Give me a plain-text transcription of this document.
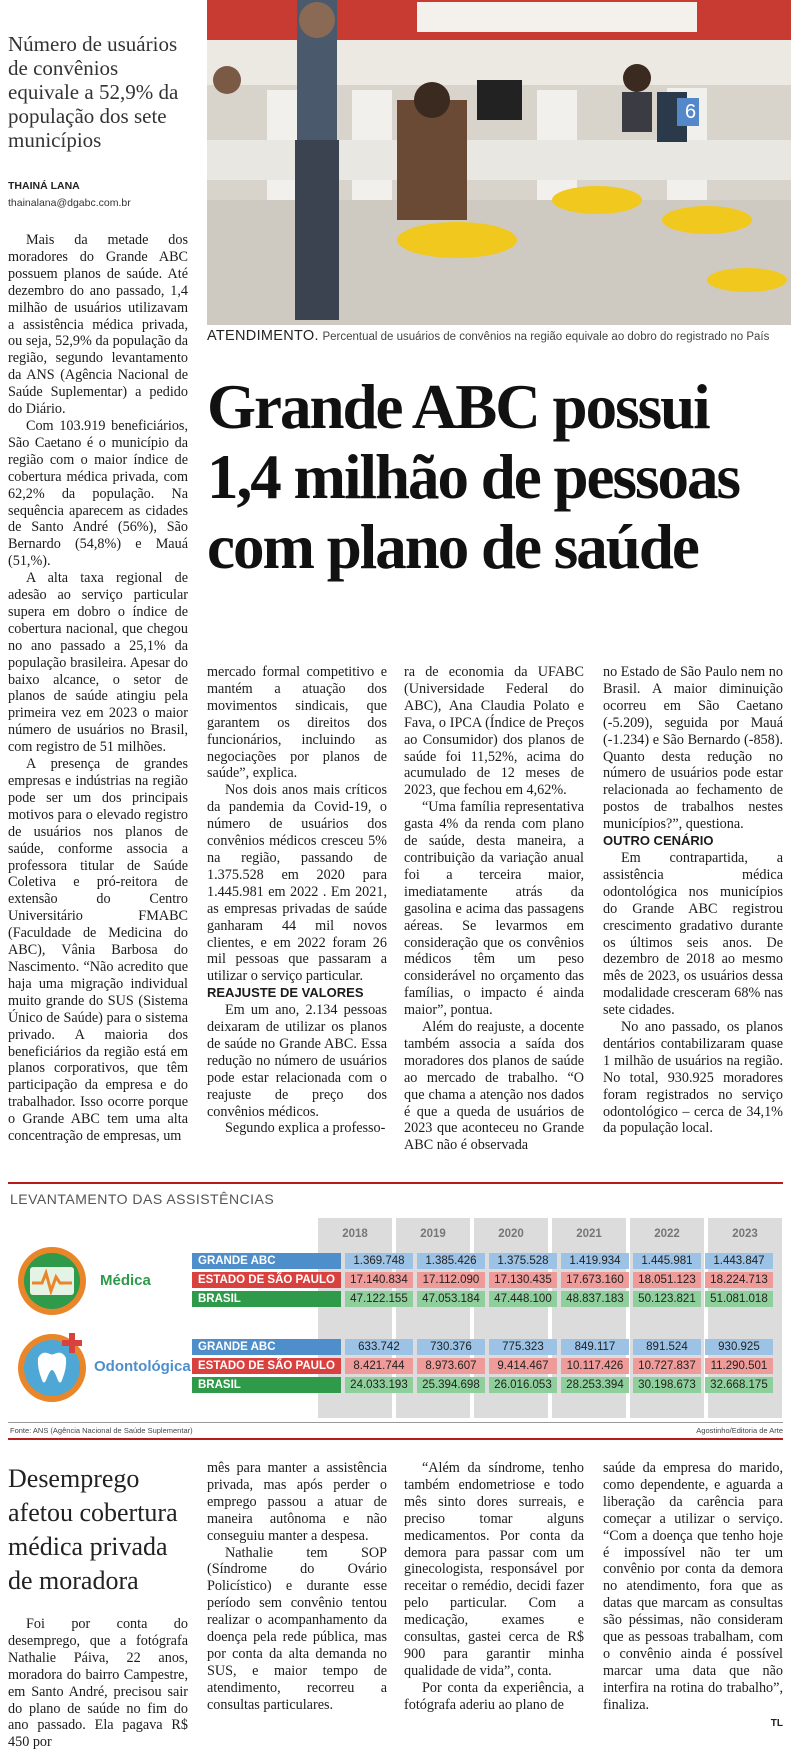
Número de usuários de convênios equivale a 52,9% da população dos sete municípios
THAINÁ LANA
thainalana@dgabc.com.br
6
ATENDIMENTO. Percentual de usuários de convênios na região equivale ao dobro do registrado no País
Grande ABC possui 1,4 milhão de pessoas com plano de saúde

Mais da metade dos moradores do Grande ABC possuem planos de saúde. Até dezembro do ano passado, 1,4 milhão de usuários utilizavam a assistência médica privada, ou seja, 52,9% da população da região, segundo levantamento da ANS (Agência Nacional de Saúde Suplementar) a pedido do Diário.

Com 103.919 beneficiários, São Caetano é o município da região com o maior índice de cobertura médica privada, com 62,2% da população. Na sequência aparecem as cidades de Santo André (56%), São Bernardo (54,8%) e Mauá (51,%).

A alta taxa regional de adesão ao serviço particular supera em dobro o índice de cobertura nacional, que chegou no ano passado a 25,1% da população brasileira. Apesar do baixo alcance, o setor de planos de saúde atingiu pela primeira vez em 2023 o maior número de usuários no Brasil, com registro de 51 milhões.

A presença de grandes empresas e indústrias na região pode ser um dos principais motivos para o elevado registro de usuários nos planos de saúde, conforme associa a professora titular de Saúde Coletiva e pró-reitora de extensão do Centro Universitário FMABC (Faculdade de Medicina do ABC), Vânia Barbosa do Nascimento. “Não acredito que haja uma migração individual muito grande do SUS (Sistema Único de Saúde) para o sistema privado. A maioria dos beneficiários da região está em planos corporativos, que têm participação da empresa e do trabalhador. Isso ocorre porque o Grande ABC tem uma alta concentração de empresas, um

mercado formal competitivo e mantém a atuação dos movimentos sindicais, que garantem os direitos dos funcionários, incluindo as negociações por planos de saúde”, explica.

Nos dois anos mais críticos da pandemia da Covid-19, o número de usuários dos convênios médicos cresceu 5% na região, passando de 1.375.528 em 2020 para 1.445.981 em 2022 . Em 2021, as empresas privadas de saúde ganharam 44 mil novos clientes, e em 2022 foram 26 mil pessoas que passaram a utilizar o serviço particular.

REAJUSTE DE VALORES

Em um ano, 2.134 pessoas deixaram de utilizar os planos de saúde no Grande ABC. Essa redução no número de usuários pode estar relacionada com o reajuste de preço dos convênios médicos.

Segundo explica a professo-

ra de economia da UFABC (Universidade Federal do ABC), Ana Claudia Polato e Fava, o IPCA (Índice de Preços ao Consumidor) dos planos de saúde foi 11,52%, acima do acumulado de 12 meses de 2023, que fechou em 4,62%.

“Uma família representativa gasta 4% da renda com plano de saúde, desta maneira, a contribuição da variação anual foi a terceira maior, imediatamente atrás da gasolina e acima das passagens aéreas. Se levarmos em consideração que os convênios médicos têm um peso considerável no orçamento das famílias, o impacto é ainda maior”, pontua.

Além do reajuste, a docente também associa a saída dos moradores dos planos de saúde ao mercado de trabalho. “O que chama a atenção nos dados é que a queda de usuários de 2023 que aconteceu no Grande ABC não é observada

no Estado de São Paulo nem no Brasil. A maior diminuição ocorreu em São Caetano (-5.209), seguida por Mauá (-1.234) e São Bernardo (-858). Quanto desta redução no número de usuários pode estar relacionada ao fechamento de postos de trabalhos nestes municípios?”, questiona.

OUTRO CENÁRIO

Em contrapartida, a assistência médica odontológica nos municípios do Grande ABC registrou crescimento gradativo durante os últimos seis anos. De dezembro de 2018 ao mesmo mês de 2023, os usuários dessa modalidade cresceram 68% nas sete cidades.

No ano passado, os planos dentários contabilizaram quase 1 milhão de usuários na região. No total, 930.925 moradores foram registrados no serviço odontológico – cerca de 34,1% da população local.

LEVANTAMENTO DAS ASSISTÊNCIAS
Médica
Odontológica
2018	2019	2020	2021	2022	2023
GRANDE ABC	1.369.748	1.385.426	1.375.528	1.419.934	1.445.981	1.443.847
ESTADO DE SÃO PAULO	17.140.834	17.112.090	17.130.435	17.673.160	18.051.123	18.224.713
BRASIL	47.122.155	47.053.184	47.448.100	48.837.183	50.123.821	51.081.018
GRANDE ABC	633.742	730.376	775.323	849.117	891.524	930.925
ESTADO DE SÃO PAULO	8.421.744	8.973.607	9.414.467	10.117.426	10.727.837	11.290.501
BRASIL	24.033.193	25.394.698	26.016.053	28.253.394	30.198.673	32.668.175
Fonte: ANS (Agência Nacional de Saúde Suplementar)	Agostinho/Editoria de Arte
Desemprego afetou cobertura médica privada de moradora

Foi por conta do desemprego, que a fotógrafa Nathalie Páiva, 22 anos, moradora do bairro Campestre, em Santo André, precisou sair do plano de saúde no fim do ano passado. Ela pagava R$ 450 por

mês para manter a assistência privada, mas após perder o emprego passou a atuar de maneira autônoma e não conseguiu manter a despesa.

Nathalie tem SOP (Síndrome do Ovário Policístico) e durante esse período sem convênio tentou realizar o acompanhamento da doença pela rede pública, mas por conta da alta demanda no SUS, e maior tempo de atendimento, recorreu a consultas particulares.

“Além da síndrome, tenho também endometriose e todo mês sinto dores surreais, e preciso tomar alguns medicamentos. Por conta da demora para passar com um ginecologista, responsável por receitar o remédio, decidi fazer pelo particular. Com a medicação, exames e consultas, gastei cerca de R$ 900 para garantir minha qualidade de vida”, conta.

Por conta da experiência, a fotógrafa aderiu ao plano de

saúde da empresa do marido, como dependente, e aguarda a liberação da carência para começar a utilizar o serviço. “Com a doença que tenho hoje é impossível não ter um convênio por conta da demora no atendimento, fora que as datas que marcam as consultas são péssimas, não consideram que as pessoas trabalham, com o convênio ainda é possível marcar uma data que não interfira na rotina do trabalho”, finaliza.

TL
